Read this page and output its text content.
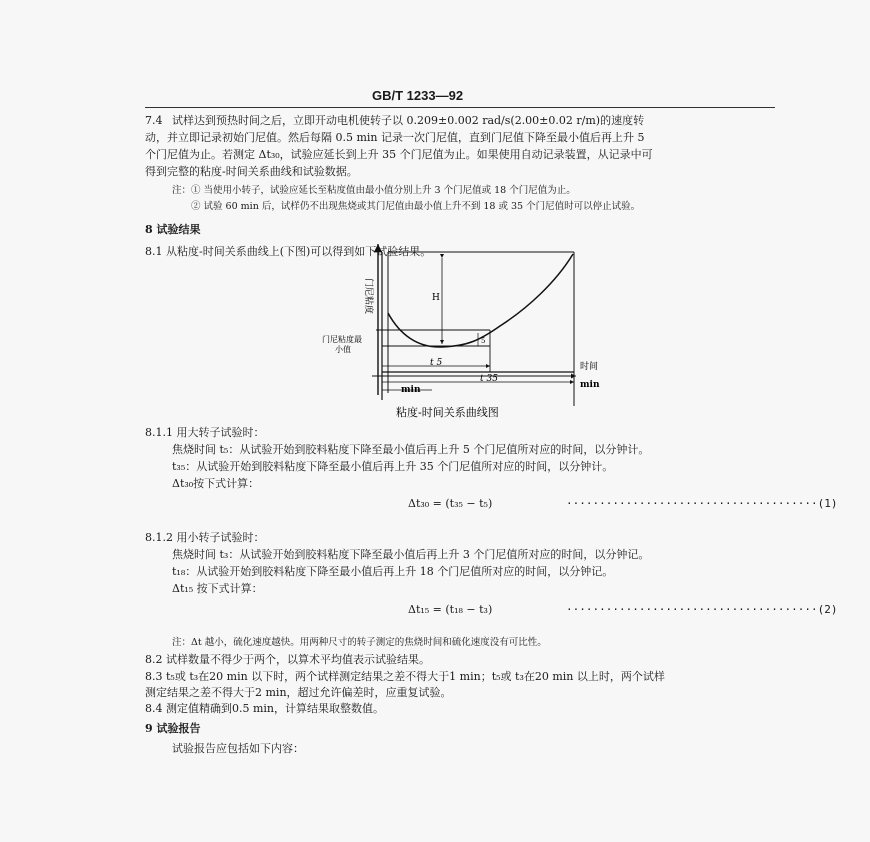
GB/T 1233—92
7.4 试样达到预热时间之后，立即开动电机使转子以 0.209±0.002 rad/s(2.00±0.02 r/m)的速度转
动，并立即记录初始门尼值。然后每隔 0.5 min 记录一次门尼值，直到门尼值下降至最小值后再上升 5
个门尼值为止。若测定 Δt₃₀，试验应延长到上升 35 个门尼值为止。如果使用自动记录装置，从记录中可
得到完整的粘度-时间关系曲线和试验数据。
注：① 当使用小转子，试验应延长至粘度值由最小值分别上升 3 个门尼值或 18 个门尼值为止。
② 试验 60 min 后，试样仍不出现焦烧或其门尼值由最小值上升不到 18 或 35 个门尼值时可以停止试验。
8 试验结果
8.1 从粘度-时间关系曲线上(下图)可以得到如下试验结果。
门尼粘度
门尼粘度最
小值
H
5
t 5
t 35
时间
min	min
粘度-时间关系曲线图
8.1.1 用大转子试验时：
焦烧时间 t₅：从试验开始到胶料粘度下降至最小值后再上升 5 个门尼值所对应的时间，以分钟计。
t₃₅：从试验开始到胶料粘度下降至最小值后再上升 35 个门尼值所对应的时间，以分钟计。
Δt₃₀按下式计算：
Δt₃₀ = (t₃₅ − t₅)	······································(1)
8.1.2 用小转子试验时：
焦烧时间 t₃：从试验开始到胶料粘度下降至最小值后再上升 3 个门尼值所对应的时间，以分钟记。
t₁₈：从试验开始到胶料粘度下降至最小值后再上升 18 个门尼值所对应的时间，以分钟记。
Δt₁₅ 按下式计算：
Δt₁₅ = (t₁₈ − t₃)	······································(2)
注：Δt 越小，硫化速度越快。用两种尺寸的转子测定的焦烧时间和硫化速度没有可比性。
8.2 试样数量不得少于两个，以算术平均值表示试验结果。
8.3 t₅或 t₃在20 min 以下时，两个试样测定结果之差不得大于1 min；t₅或 t₃在20 min 以上时，两个试样
测定结果之差不得大于2 min，超过允许偏差时，应重复试验。
8.4 测定值精确到0.5 min，计算结果取整数值。
9 试验报告
试验报告应包括如下内容：
